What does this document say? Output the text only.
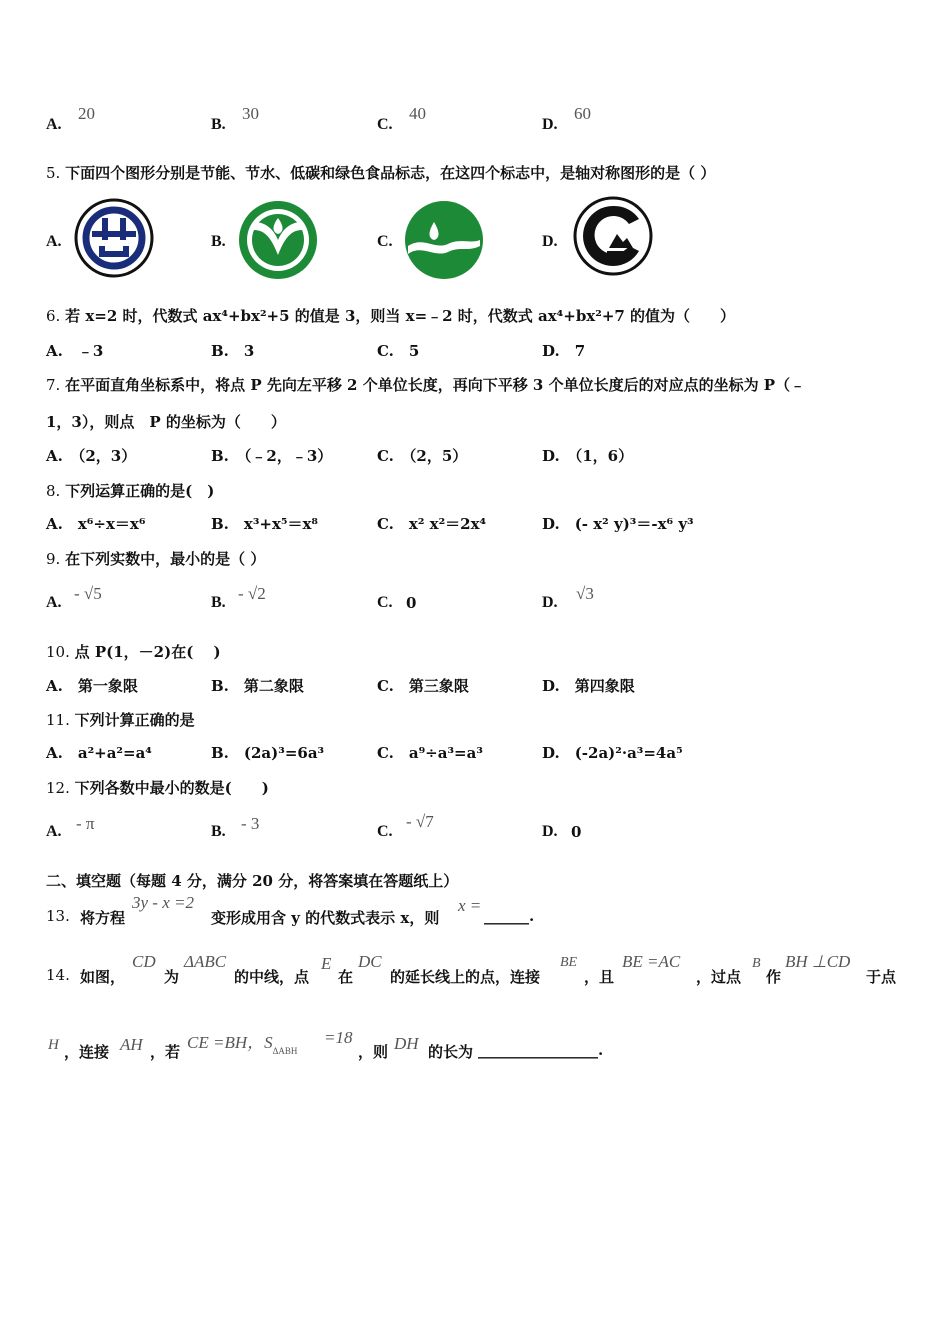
A.
20
B.
30
C.
40
D.
60
5. 下面四个图形分别是节能、节水、低碳和绿色食品标志，在这四个标志中，是轴对称图形的是（ ）
A.	B.	C.	D.
6. 若 x=2 时，代数式 ax⁴+bx²+5 的值是 3，则当 x=﹣2 时，代数式 ax⁴+bx²+7 的值为（　　）
A.　﹣3	B.　3	C.　5	D.　7
7. 在平面直角坐标系中，将点 P 先向左平移 2 个单位长度，再向下平移 3 个单位长度后的对应点的坐标为 P（﹣
1，3），则点　P 的坐标为（　　）
A.　（2，3）	B.　（﹣2，﹣3）	C.　（2，5）	D.　（1，6）
8. 下列运算正确的是(　)
A.　x⁶÷x＝x⁶	B.　x³+x⁵＝x⁸	C.　x² x²＝2x⁴	D.　(- x² y)³＝-x⁶ y³
9. 在下列实数中，最小的是（ ）
A. - √5	B. - √2	C. 0	D. √3
10. 点 P(1，－2)在(　 )
A.　第一象限	B.　第二象限	C.　第三象限	D.　第四象限
11. 下列计算正确的是
A.　a²+a²=a⁴	B.　(2a)³=6a³	C.　a⁹÷a³=a³	D.　(-2a)²·a³=4a⁵
12. 下列各数中最小的数是(　　)
A. - π	B. - 3	C.
- √7
D. 0
二、填空题（每题 4 分，满分 20 分，将答案填在答题纸上）
13. 将方程
3y - x =2
变形成用含 y 的代数式表示 x，则
x =
______.
14. 如图，
CD
为
ΔABC
的中线，点
E
在
DC
的延长线上的点，连接
BE
，且
BE =AC
，过点
B
作
BH ⊥CD
于点
H ，连接 AH ，若 CE =BH，$S_{\Delta ABH}$
=18
，则 DH 的长为 ________________.
